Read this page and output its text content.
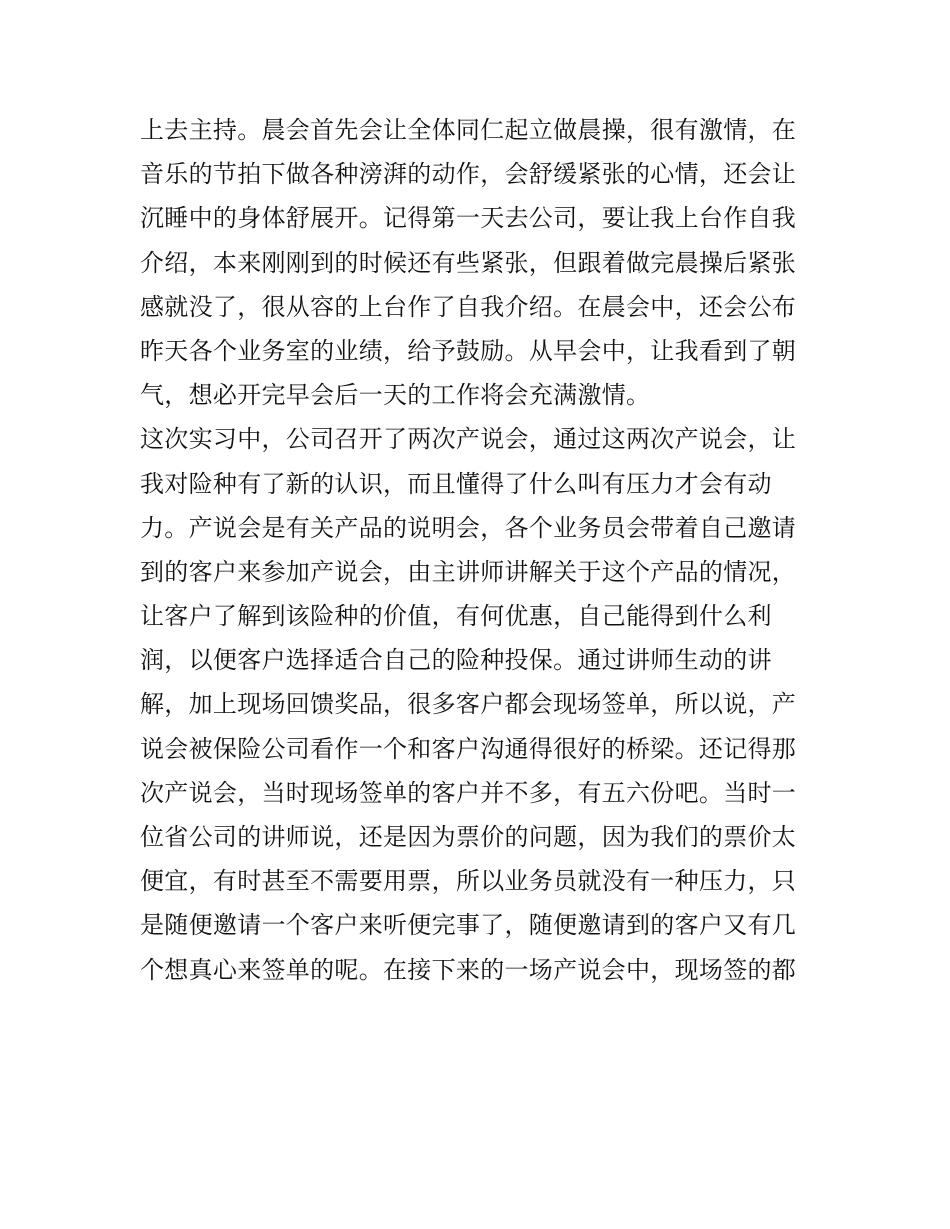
上去主持。晨会首先会让全体同仁起立做晨操，很有激情，在
音乐的节拍下做各种滂湃的动作，会舒缓紧张的心情，还会让
沉睡中的身体舒展开。记得第一天去公司，要让我上台作自我
介绍，本来刚刚到的时候还有些紧张，但跟着做完晨操后紧张
感就没了，很从容的上台作了自我介绍。在晨会中，还会公布
昨天各个业务室的业绩，给予鼓励。从早会中，让我看到了朝
气，想必开完早会后一天的工作将会充满激情。
这次实习中，公司召开了两次产说会，通过这两次产说会，让
我对险种有了新的认识，而且懂得了什么叫有压力才会有动
力。产说会是有关产品的说明会，各个业务员会带着自己邀请
到的客户来参加产说会，由主讲师讲解关于这个产品的情况，
让客户了解到该险种的价值，有何优惠，自己能得到什么利
润，以便客户选择适合自己的险种投保。通过讲师生动的讲
解，加上现场回馈奖品，很多客户都会现场签单，所以说，产
说会被保险公司看作一个和客户沟通得很好的桥梁。还记得那
次产说会，当时现场签单的客户并不多，有五六份吧。当时一
位省公司的讲师说，还是因为票价的问题，因为我们的票价太
便宜，有时甚至不需要用票，所以业务员就没有一种压力，只
是随便邀请一个客户来听便完事了，随便邀请到的客户又有几
个想真心来签单的呢。在接下来的一场产说会中，现场签的都
